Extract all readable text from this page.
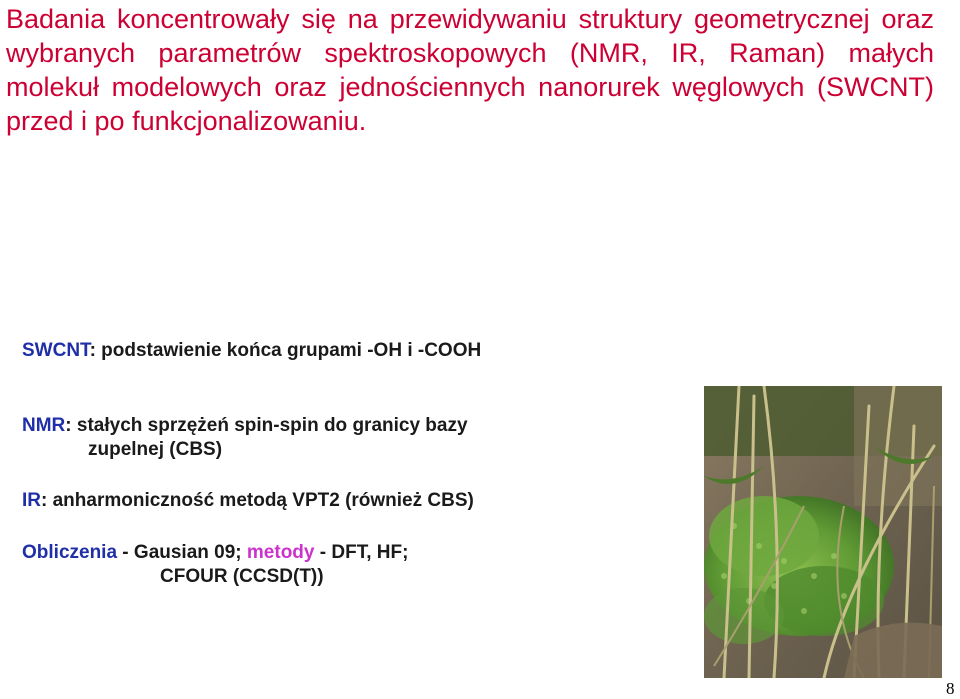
Badania koncentrowały się na przewidywaniu struktury geometrycznej oraz wybranych parametrów spektroskopowych (NMR, IR, Raman) małych molekuł modelowych oraz jednościennych nanorurek węglowych (SWCNT) przed i po funkcjonalizowaniu.

SWCNT: podstawienie końca grupami -OH i -COOH

NMR: stałych sprzężeń spin-spin do granicy bazy
zupelnej (CBS)

IR: anharmoniczność metodą VPT2 (również CBS)

Obliczenia - Gausian 09; metody - DFT, HF;
CFOUR (CCSD(T))

8
